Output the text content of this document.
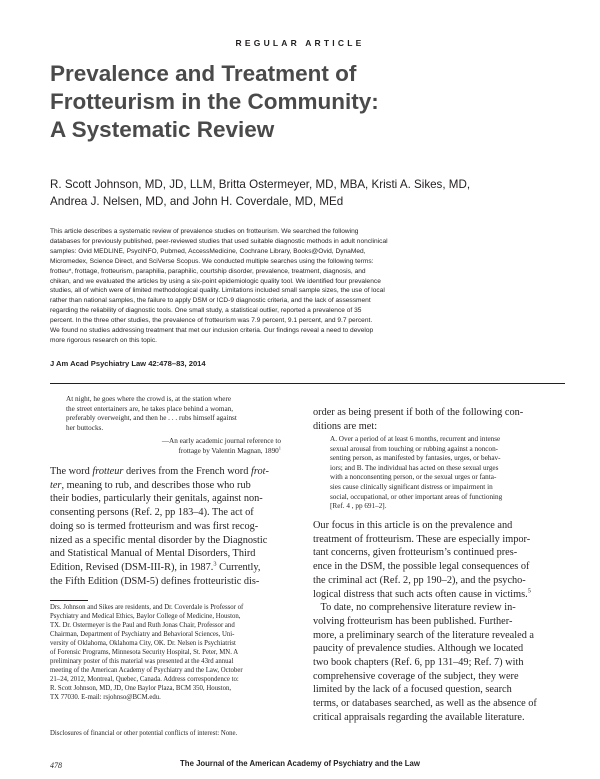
REGULAR ARTICLE
Prevalence and Treatment of
Frotteurism in the Community:
A Systematic Review
R. Scott Johnson, MD, JD, LLM, Britta Ostermeyer, MD, MBA, Kristi A. Sikes, MD,
Andrea J. Nelsen, MD, and John H. Coverdale, MD, MEd
This article describes a systematic review of prevalence studies on frotteurism. We searched the following
databases for previously published, peer-reviewed studies that used suitable diagnostic methods in adult nonclinical
samples: Ovid MEDLINE, PsycINFO, Pubmed, AccessMedicine, Cochrane Library, Books@Ovid, DynaMed,
Micromedex, Science Direct, and SciVerse Scopus. We conducted multiple searches using the following terms:
frotteu*, frottage, frotteurism, paraphilia, paraphilic, courtship disorder, prevalence, treatment, diagnosis, and
chikan, and we evaluated the articles by using a six-point epidemiologic quality tool. We identified four prevalence
studies, all of which were of limited methodological quality. Limitations included small sample sizes, the use of local
rather than national samples, the failure to apply DSM or ICD-9 diagnostic criteria, and the lack of assessment
regarding the reliability of diagnostic tools. One small study, a statistical outlier, reported a prevalence of 35
percent. In the three other studies, the prevalence of frotteurism was 7.9 percent, 9.1 percent, and 9.7 percent.
We found no studies addressing treatment that met our inclusion criteria. Our findings reveal a need to develop
more rigorous research on this topic.
J Am Acad Psychiatry Law 42:478–83, 2014
At night, he goes where the crowd is, at the station where
the street entertainers are, he takes place behind a woman,
preferably overweight, and then he . . . rubs himself against
her buttocks.
—An early academic journal reference to
frottage by Valentin Magnan, 1890$^1$
The word frotteur derives from the French word frot-
ter, meaning to rub, and describes those who rub
their bodies, particularly their genitals, against non-
consenting persons (Ref. 2, pp 183–4). The act of
doing so is termed frotteurism and was first recog-
nized as a specific mental disorder by the Diagnostic
and Statistical Manual of Mental Disorders, Third
Edition, Revised (DSM-III-R), in 1987.$^3$ Currently,
the Fifth Edition (DSM-5) defines frotteuristic dis-
order as being present if both of the following con-
ditions are met:
A. Over a period of at least 6 months, recurrent and intense
sexual arousal from touching or rubbing against a noncon-
senting person, as manifested by fantasies, urges, or behav-
iors; and B. The individual has acted on these sexual urges
with a nonconsenting person, or the sexual urges or fanta-
sies cause clinically significant distress or impairment in
social, occupational, or other important areas of functioning
[Ref. 4 , pp 691–2].
Our focus in this article is on the prevalence and
treatment of frotteurism. These are especially impor-
tant concerns, given frotteurism’s continued pres-
ence in the DSM, the possible legal consequences of
the criminal act (Ref. 2, pp 190–2), and the psycho-
logical distress that such acts often cause in victims.$^5$
To date, no comprehensive literature review in-
volving frotteurism has been published. Further-
more, a preliminary search of the literature revealed a
paucity of prevalence studies. Although we located
two book chapters (Ref. 6, pp 131–49; Ref. 7) with
comprehensive coverage of the subject, they were
limited by the lack of a focused question, search
terms, or databases searched, as well as the absence of
critical appraisals regarding the available literature.
Drs. Johnson and Sikes are residents, and Dr. Coverdale is Professor of
Psychiatry and Medical Ethics, Baylor College of Medicine, Houston,
TX. Dr. Ostermeyer is the Paul and Ruth Jonas Chair, Professor and
Chairman, Department of Psychiatry and Behavioral Sciences, Uni-
versity of Oklahoma, Oklahoma City, OK. Dr. Nelsen is Psychiatrist
of Forensic Programs, Minnesota Security Hospital, St. Peter, MN. A
preliminary poster of this material was presented at the 43rd annual
meeting of the American Academy of Psychiatry and the Law, October
21–24, 2012, Montreal, Quebec, Canada. Address correspondence to:
R. Scott Johnson, MD, JD, One Baylor Plaza, BCM 350, Houston,
TX 77030. E-mail: rsjohnso@BCM.edu.
Disclosures of financial or other potential conflicts of interest: None.
478	The Journal of the American Academy of Psychiatry and the Law
